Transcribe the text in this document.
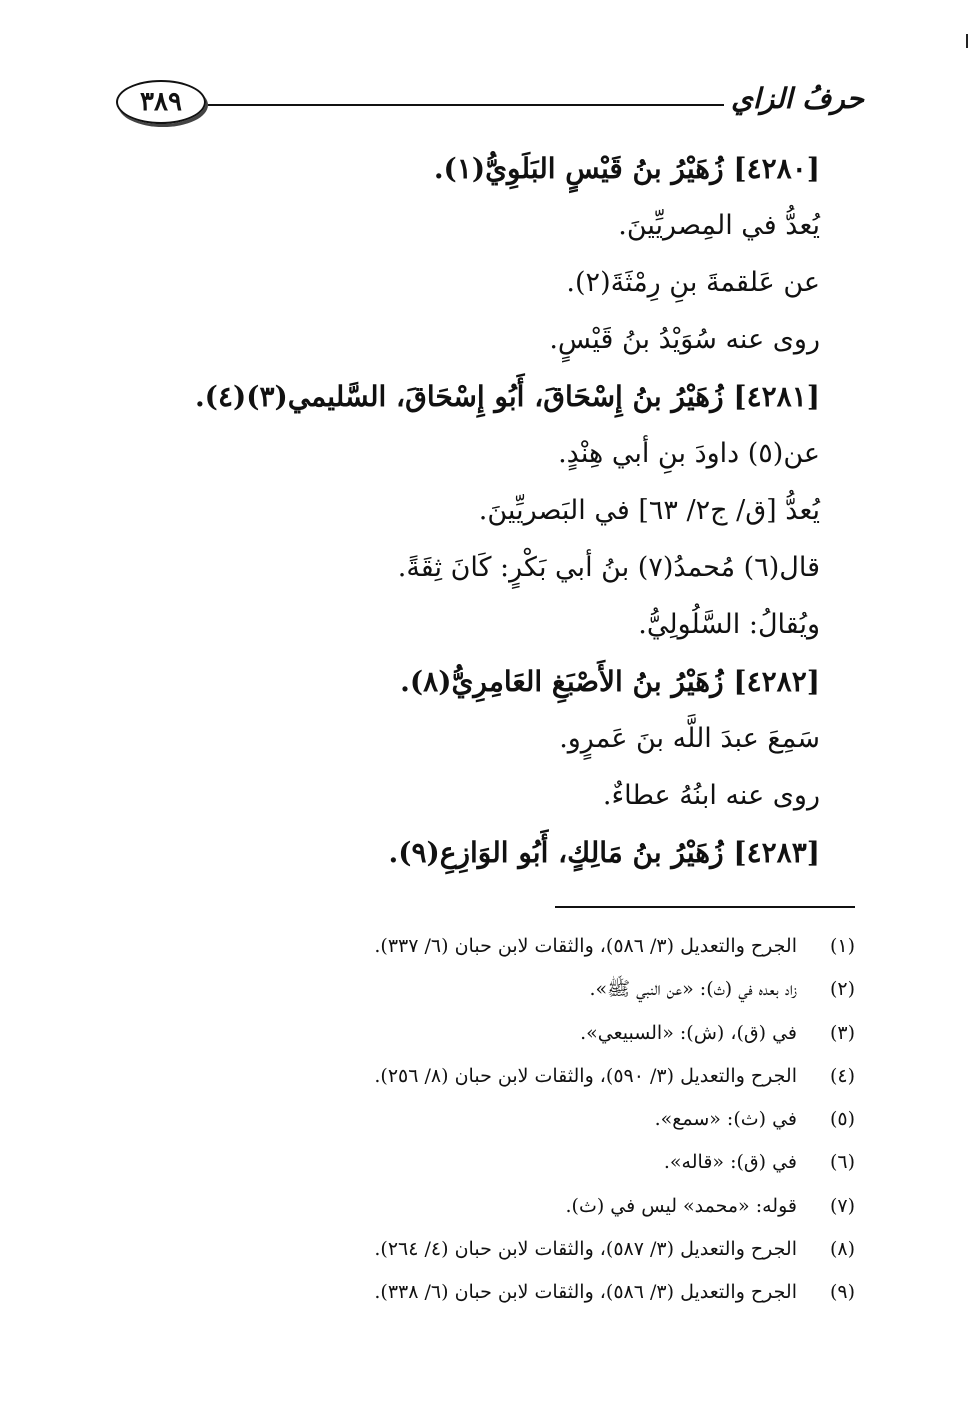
٣٨٩	حرفُ الزاي
[٤٢٨٠] زُهَيْرُ بنُ قَيْسٍ البَلَوِيُّ(١).
يُعدُّ في المِصريِّينَ.
عن عَلقمةَ بنِ رِمْثَةَ(٢).
روى عنه سُوَيْدُ بنُ قَيْسٍ.
[٤٢٨١] زُهَيْرُ بنُ إِسْحَاقَ، أَبُو إِسْحَاقَ، السَّليمي(٣)(٤).
عن(٥) داودَ بنِ أبي هِنْدٍ.
يُعدُّ [ق/ ج٢/ ٦٣] في البَصريِّينَ.
قال(٦) مُحمدُ(٧) بنُ أبي بَكْرٍ: كَانَ ثِقَةً.
ويُقالُ: السَّلُولِيُّ.
[٤٢٨٢] زُهَيْرُ بنُ الأَصْبَغِ العَامِرِيُّ(٨).
سَمِعَ عبدَ اللَّه بنَ عَمرٍو.
روى عنه ابنُهُ عطاءٌ.
[٤٢٨٣] زُهَيْرُ بنُ مَالِكٍ، أَبُو الوَازِعِ(٩).
(١)
الجرح والتعديل (٣/ ٥٨٦)، والثقات لابن حبان (٦/ ٣٣٧).
(٢)
زاد بعده في (ث): «عن النبي ﷺ».
(٣)
في (ق)، (ش): «السبيعي».
(٤)
الجرح والتعديل (٣/ ٥٩٠)، والثقات لابن حبان (٨/ ٢٥٦).
(٥)
في (ث): «سمع».
(٦)
في (ق): «قاله».
(٧)
قوله: «محمد» ليس في (ث).
(٨)
الجرح والتعديل (٣/ ٥٨٧)، والثقات لابن حبان (٤/ ٢٦٤).
(٩)
الجرح والتعديل (٣/ ٥٨٦)، والثقات لابن حبان (٦/ ٣٣٨).
